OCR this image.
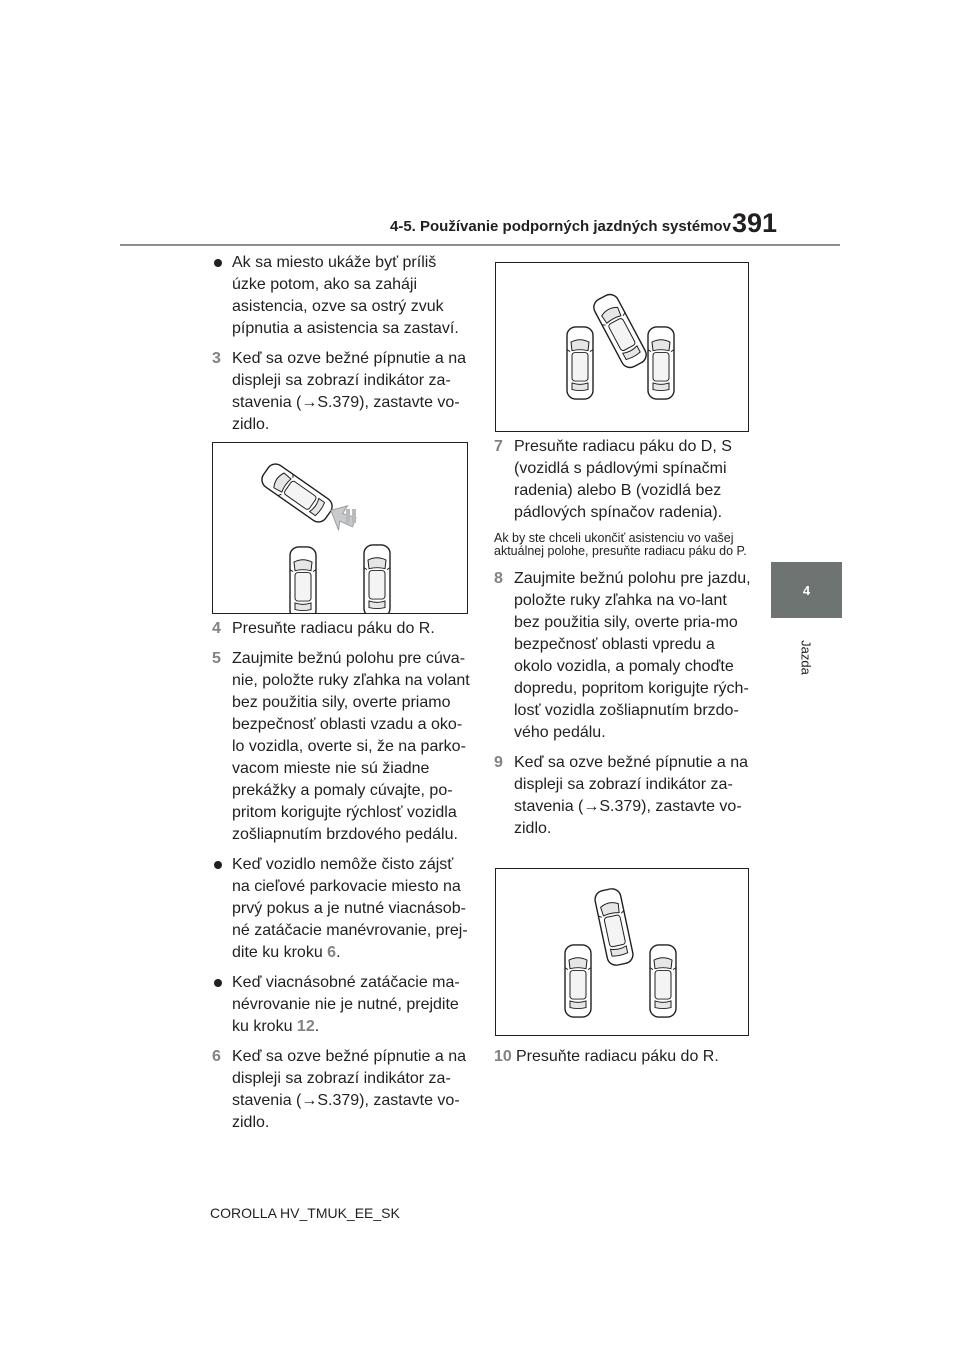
4-5. Používanie podporných jazdných systémov 391
4
Jazda
Ak sa miesto ukáže byť príliš úzke potom, ako sa zaháji asistencia, ozve sa ostrý zvuk pípnutia a asistencia sa zastaví.
3 Keď sa ozve bežné pípnutie a na displeji sa zobrazí indikátor za-stavenia (→S.379), zastavte vo-zidlo.
4 Presuňte radiacu páku do R.
5 Zaujmite bežnú polohu pre cúva-nie, položte ruky zľahka na volant bez použitia sily, overte priamo bezpečnosť oblasti vzadu a oko-lo vozidla, overte si, že na parko-vacom mieste nie sú žiadne prekážky a pomaly cúvajte, po-pritom korigujte rýchlosť vozidla zošliapnutím brzdového pedálu.
Keď vozidlo nemôže čisto zájsť na cieľové parkovacie miesto na prvý pokus a je nutné viacnásob-né zatáčacie manévrovanie, prej-dite ku kroku 6.
Keď viacnásobné zatáčacie ma-névrovanie nie je nutné, prejdite ku kroku 12.
6 Keď sa ozve bežné pípnutie a na displeji sa zobrazí indikátor za-stavenia (→S.379), zastavte vo-zidlo.
7 Presuňte radiacu páku do D, S (vozidlá s pádlovými spínačmi radenia) alebo B (vozidlá bez pádlových spínačov radenia).
Ak by ste chceli ukončiť asistenciu vo vašej aktuálnej polohe, presuňte radiacu páku do P.
8 Zaujmite bežnú polohu pre jazdu, položte ruky zľahka na vo-lant bez použitia sily, overte pria-mo bezpečnosť oblasti vpredu a okolo vozidla, a pomaly choďte dopredu, popritom korigujte rých-losť vozidla zošliapnutím brzdo-vého pedálu.
9 Keď sa ozve bežné pípnutie a na displeji sa zobrazí indikátor za-stavenia (→S.379), zastavte vo-zidlo.
10 Presuňte radiacu páku do R.
COROLLA HV_TMUK_EE_SK
